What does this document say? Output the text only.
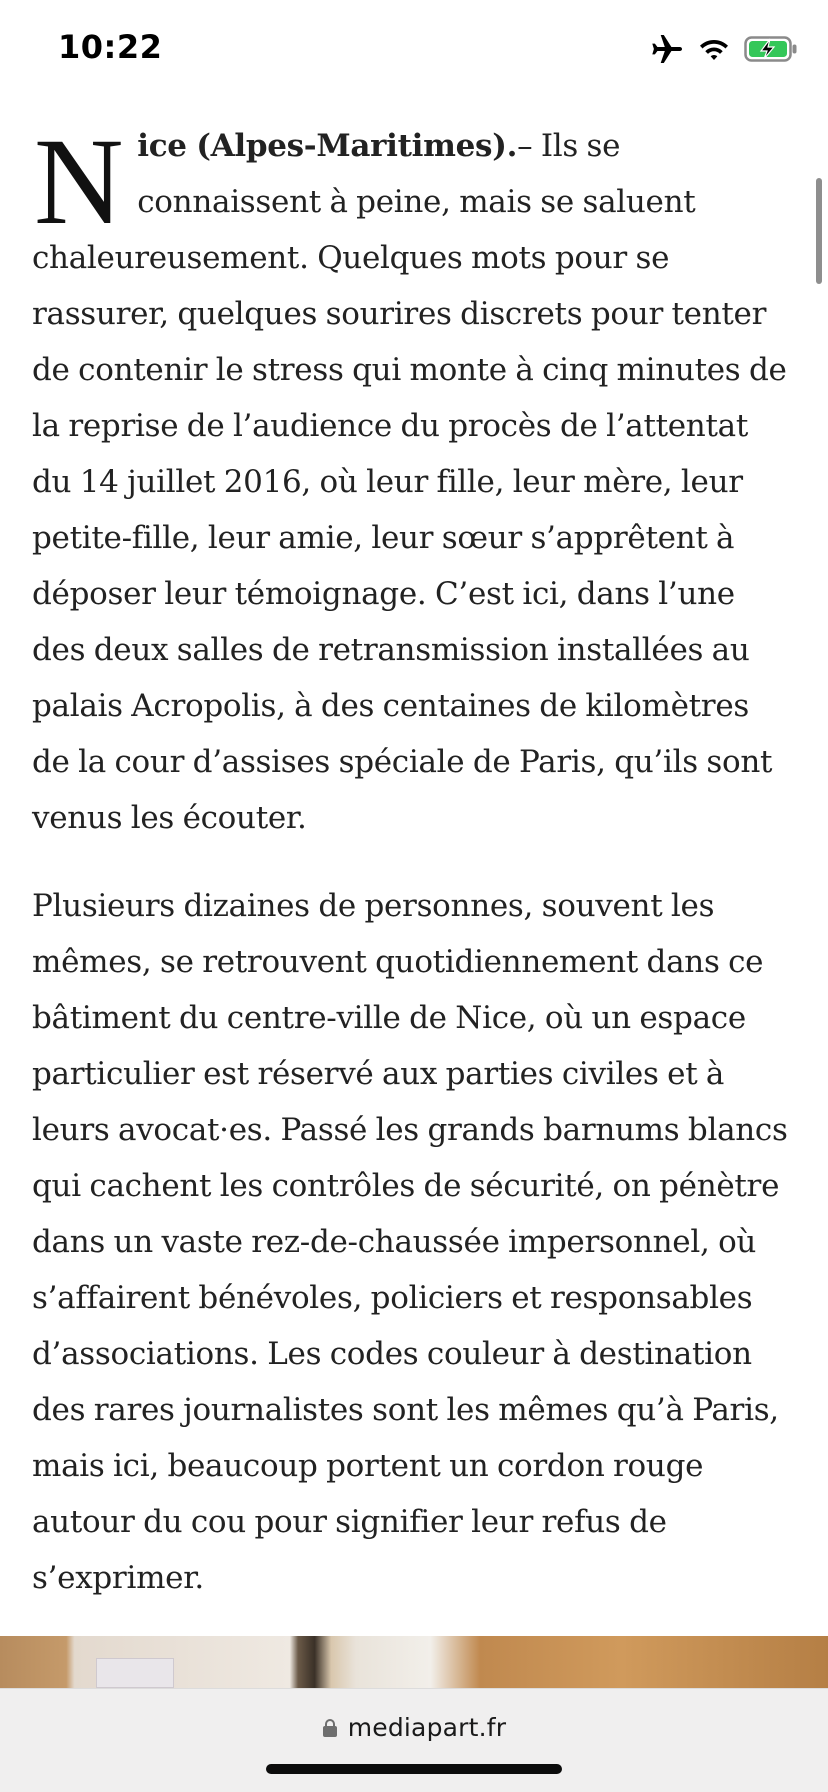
10:22

Nice (Alpes-Maritimes).– Ils se connaissent à peine, mais se saluent chaleureusement. Quelques mots pour se rassurer, quelques sourires discrets pour tenter de contenir le stress qui monte à cinq minutes de la reprise de l’audience du procès de l’attentat du 14 juillet 2016, où leur fille, leur mère, leur petite-fille, leur amie, leur sœur s’apprêtent à déposer leur témoignage. C’est ici, dans l’une des deux salles de retransmission installées au palais Acropolis, à des centaines de kilomètres de la cour d’assises spéciale de Paris, qu’ils sont venus les écouter.

Plusieurs dizaines de personnes, souvent les mêmes, se retrouvent quotidiennement dans ce bâtiment du centre-ville de Nice, où un espace particulier est réservé aux parties civiles et à leurs avocat·es. Passé les grands barnums blancs qui cachent les contrôles de sécurité, on pénètre dans un vaste rez-de-chaussée impersonnel, où s’affairent bénévoles, policiers et responsables d’associations. Les codes couleur à destination des rares journalistes sont les mêmes qu’à Paris, mais ici, beaucoup portent un cordon rouge autour du cou pour signifier leur refus de s’exprimer.

mediapart.fr
